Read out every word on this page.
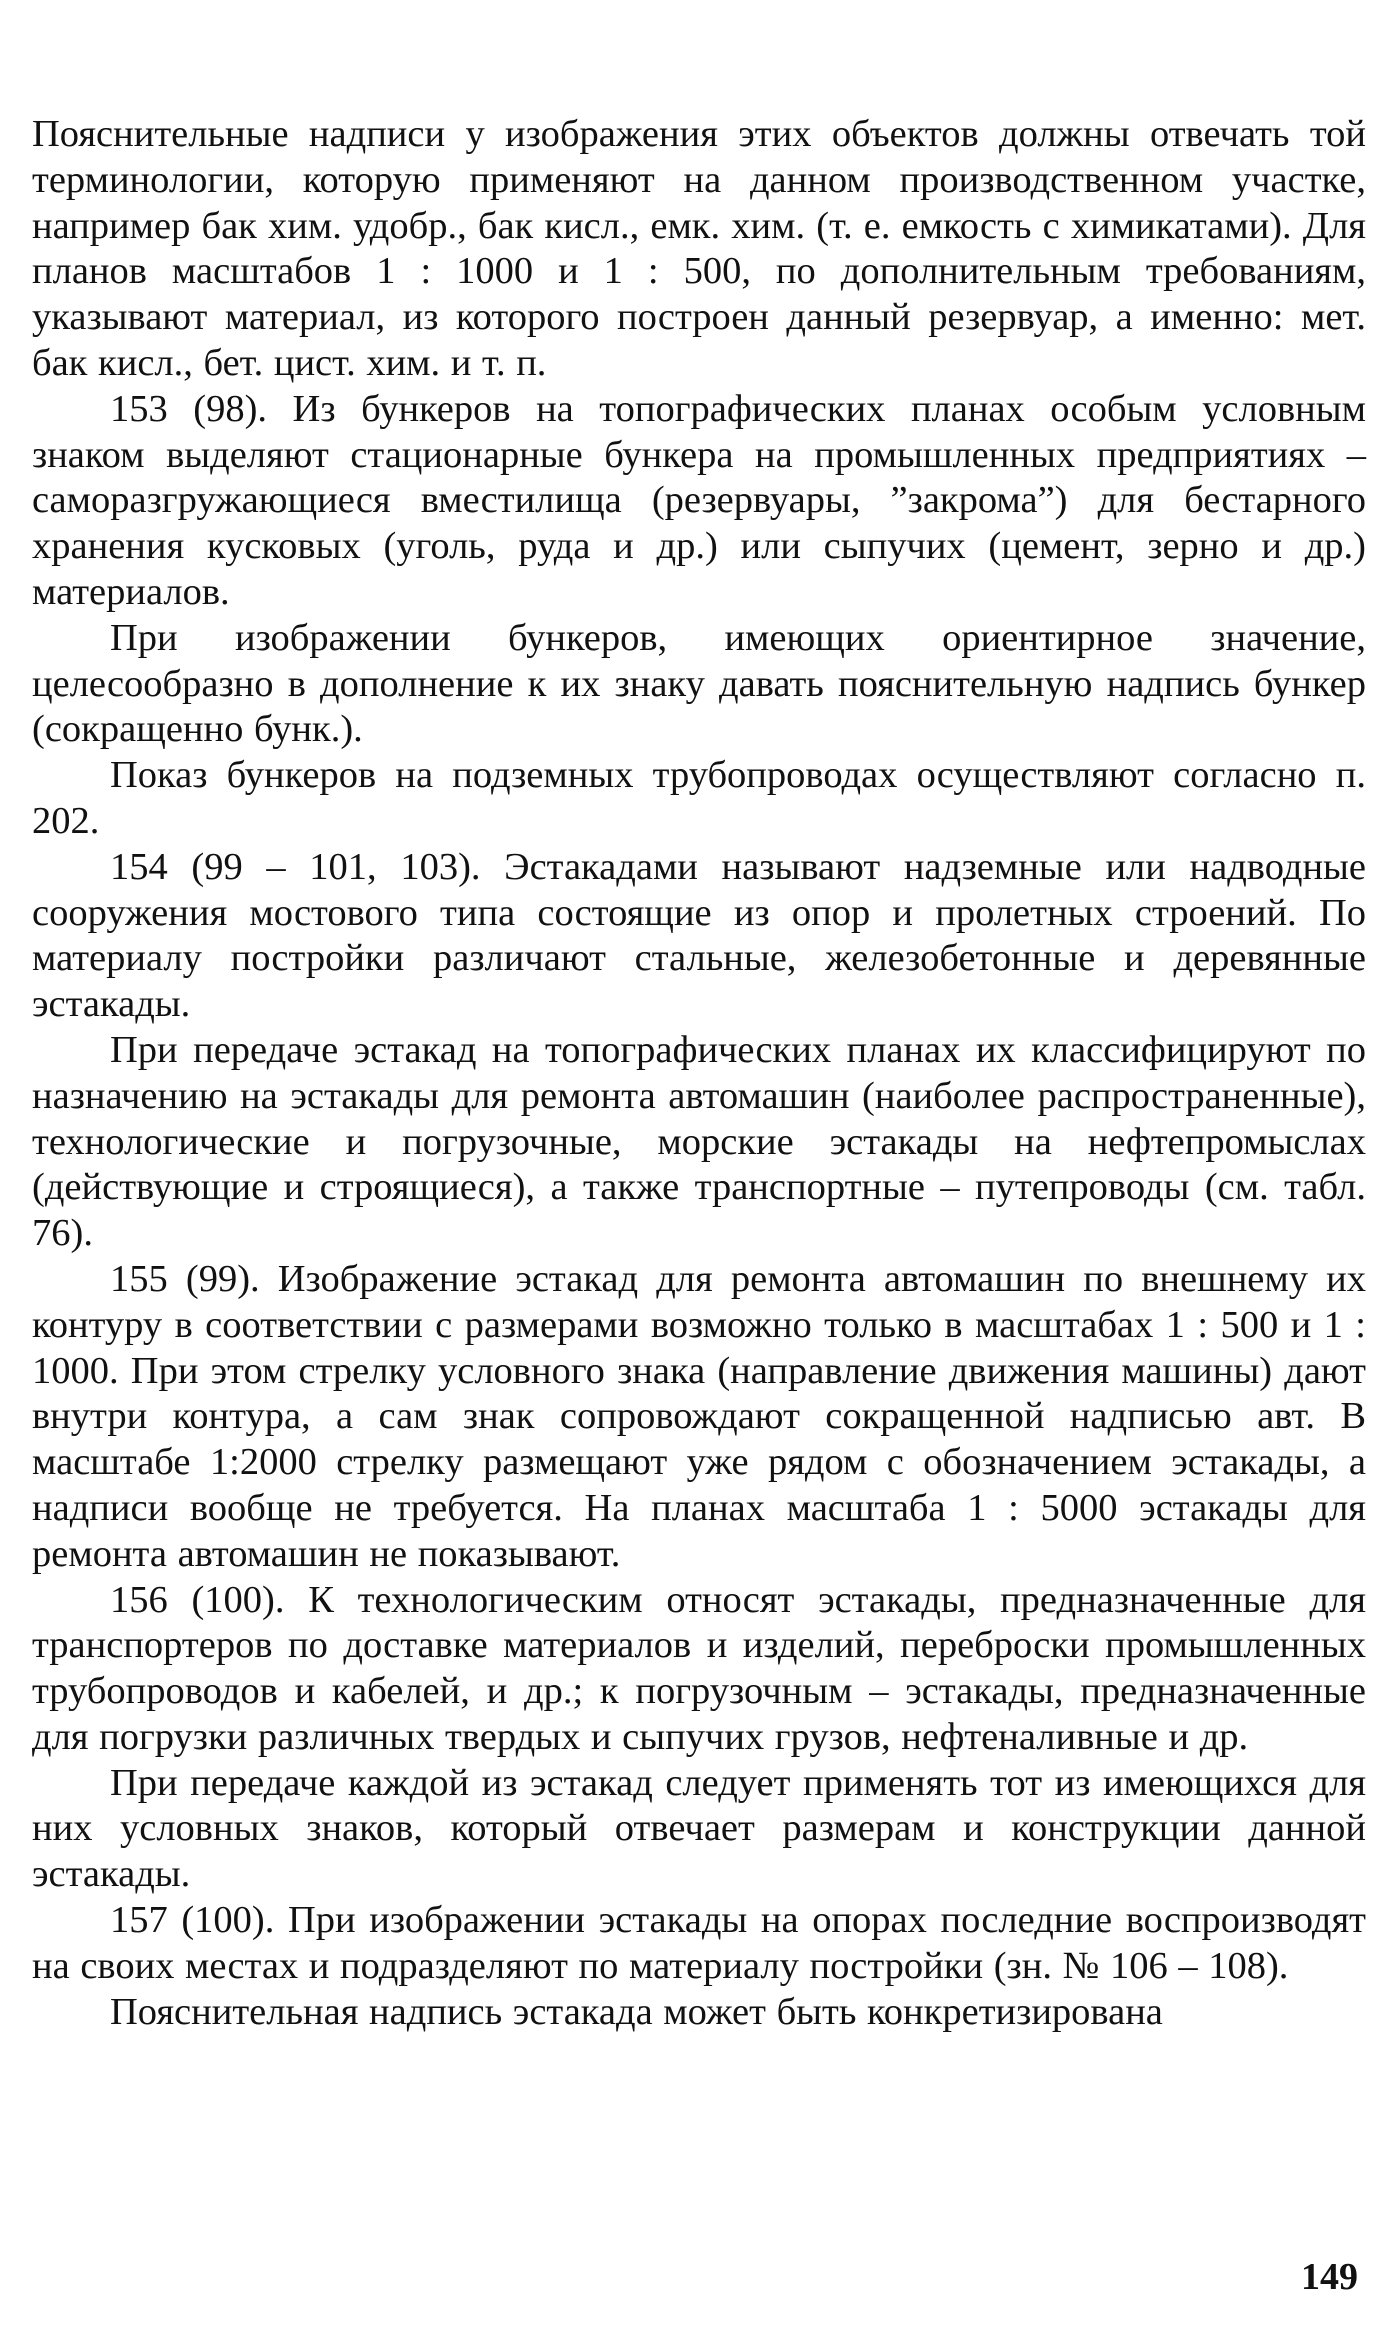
Пояснительные надписи у изображения этих объектов должны отвечать той терминологии, которую применяют на данном производственном участке, например бак хим. удобр., бак кисл., емк. хим. (т. е. емкость с химикатами). Для планов масштабов 1 : 1000 и 1 : 500, по дополнительным требованиям, указывают материал, из которого построен данный резервуар, а именно: мет. бак кисл., бет. цист. хим. и т. п.

153 (98). Из бункеров на топографических планах особым условным знаком выделяют стационарные бункера на промышленных предприятиях – саморазгружающиеся вместилища (резервуары, ”закрома”) для бестарного хранения кусковых (уголь, руда и др.) или сыпучих (цемент, зерно и др.) материалов.

При изображении бункеров, имеющих ориентирное значение, целесообразно в дополнение к их знаку давать пояснительную надпись бункер (сокращенно бунк.).

Показ бункеров на подземных трубопроводах осуществляют согласно п. 202.

154 (99 – 101, 103). Эстакадами называют надземные или надводные сооружения мостового типа состоящие из опор и пролетных строений. По материалу постройки различают стальные, железобетонные и деревянные эстакады.

При передаче эстакад на топографических планах их классифицируют по назначению на эстакады для ремонта автомашин (наиболее распространенные), технологические и погрузочные, морские эстакады на нефтепромыслах (действующие и строящиеся), а также транспортные – путепроводы (см. табл. 76).

155 (99). Изображение эстакад для ремонта автомашин по внешнему их контуру в соответствии с размерами возможно только в масштабах 1 : 500 и 1 : 1000. При этом стрелку условного знака (направление движения машины) дают внутри контура, а сам знак сопровождают сокращенной надписью авт. В масштабе 1:2000 стрелку размещают уже рядом с обозначением эстакады, а надписи вообще не требуется. На планах масштаба 1 : 5000 эстакады для ремонта автомашин не показывают.

156 (100). К технологическим относят эстакады, предназначенные для транспортеров по доставке материалов и изделий, переброски промышленных трубопроводов и кабелей, и др.; к погрузочным – эстакады, предназначенные для погрузки различных твердых и сыпучих грузов, нефтеналивные и др.

При передаче каждой из эстакад следует применять тот из имеющихся для них условных знаков, который отвечает размерам и конструкции данной эстакады.

157 (100). При изображении эстакады на опорах последние воспроизводят на своих местах и подразделяют по материалу постройки (зн. № 106 – 108).

Пояснительная надпись эстакада может быть конкретизирована

149
